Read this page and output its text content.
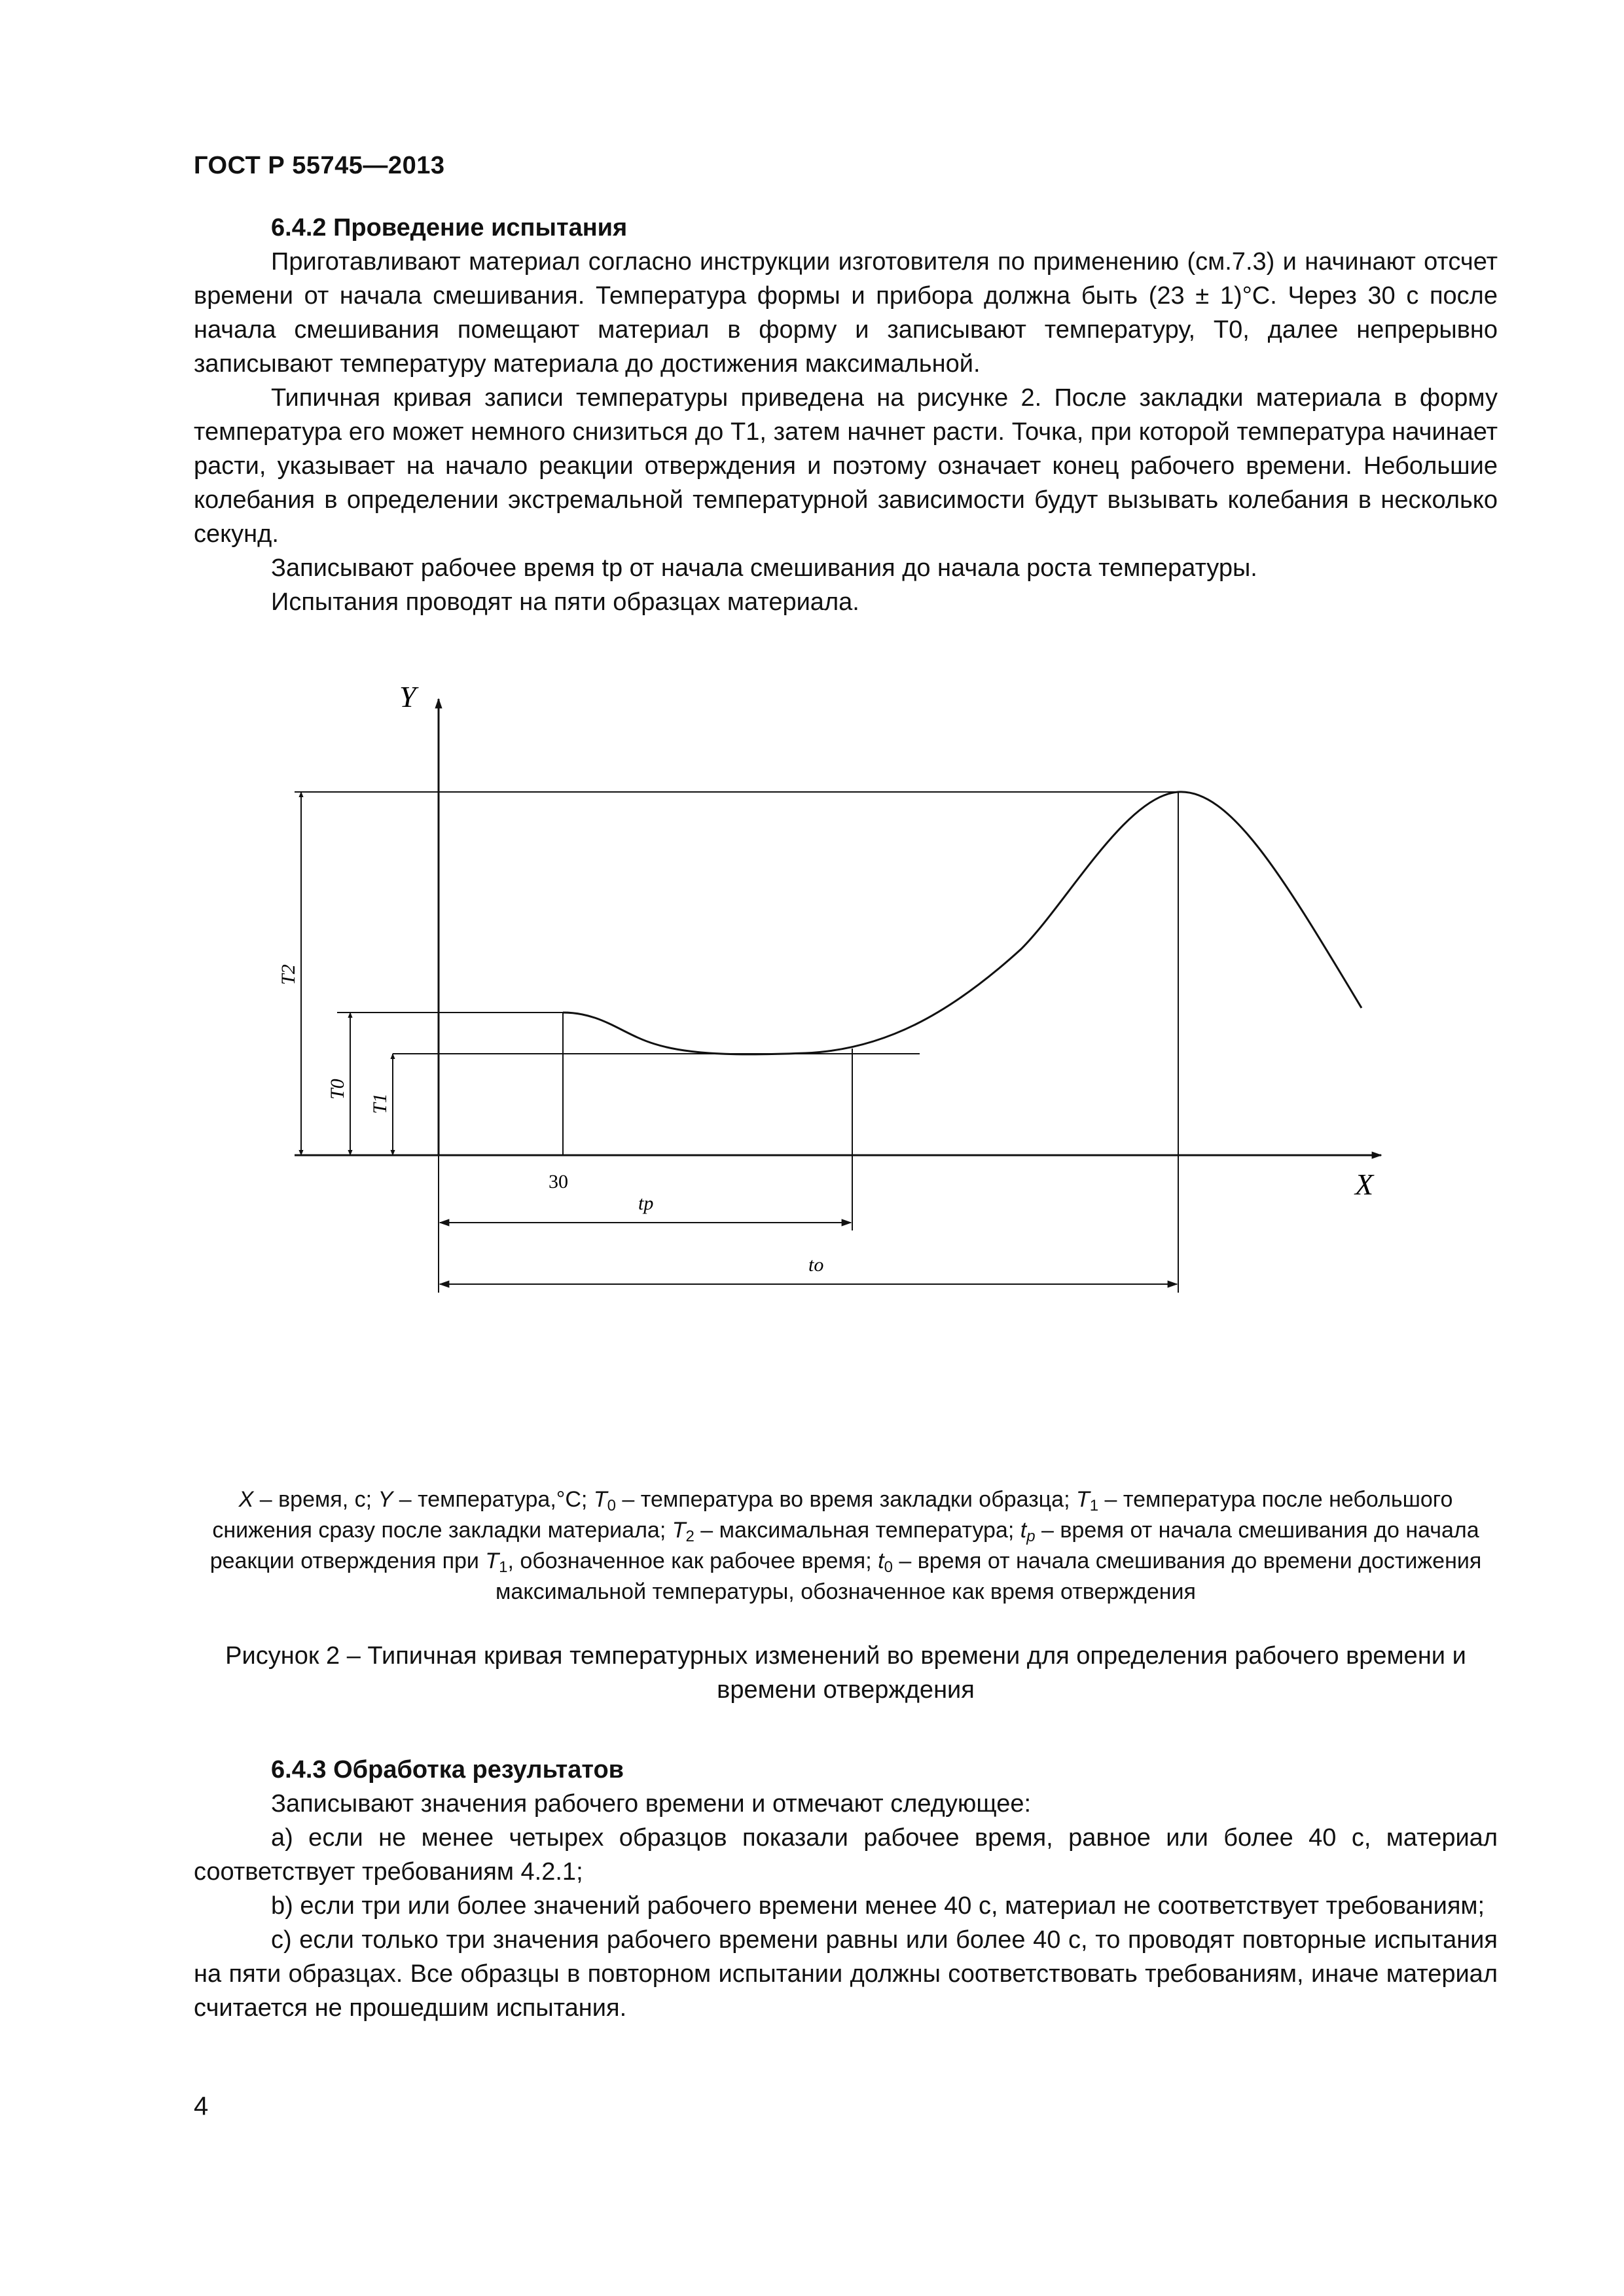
ГОСТ Р 55745—2013
6.4.2 Проведение испытания

Приготавливают материал согласно инструкции изготовителя по применению (см.7.3) и начинают отсчет времени от начала смешивания. Температура формы и прибора должна быть (23 ± 1)°С. Через 30 с после начала смешивания помещают материал в форму и записывают температуру, T0, далее непрерывно записывают температуру материала до достижения максимальной.

Типичная кривая записи температуры приведена на рисунке 2. После закладки материала в форму температура его может немного снизиться до T1, затем начнет расти. Точка, при которой температура начинает расти, указывает на начало реакции отверждения и поэтому означает конец рабочего времени. Небольшие колебания в определении экстремальной температурной зависимости будут вызывать колебания в несколько секунд.

Записывают рабочее время tp от начала смешивания до начала роста температуры.

Испытания проводят на пяти образцах материала.

Y
X
T2
T0
T1
30
tp
to
X – время, с; Y – температура,°С; $T_0$ – температура во время закладки образца; $T_1$ – температура после небольшого снижения сразу после закладки материала; $T_2$ – максимальная температура; $t_p$ – время от начала смешивания до начала реакции отверждения при $T_1$, обозначенное как рабочее время; $t_0$ – время от начала смешивания до времени достижения максимальной температуры, обозначенное как время отверждения
Рисунок 2 – Типичная кривая температурных изменений во времени для определения рабочего времени и времени отверждения
6.4.3 Обработка результатов

Записывают значения рабочего времени и отмечают следующее:

а) если не менее четырех образцов показали рабочее время, равное или более 40 с, материал соответствует требованиям 4.2.1;

b) если три или более значений рабочего времени менее 40 с, материал не соответствует требованиям;

с) если только три значения рабочего времени равны или более 40 с, то проводят повторные испытания на пяти образцах. Все образцы в повторном испытании должны соответствовать требованиям, иначе материал считается не прошедшим испытания.

4
